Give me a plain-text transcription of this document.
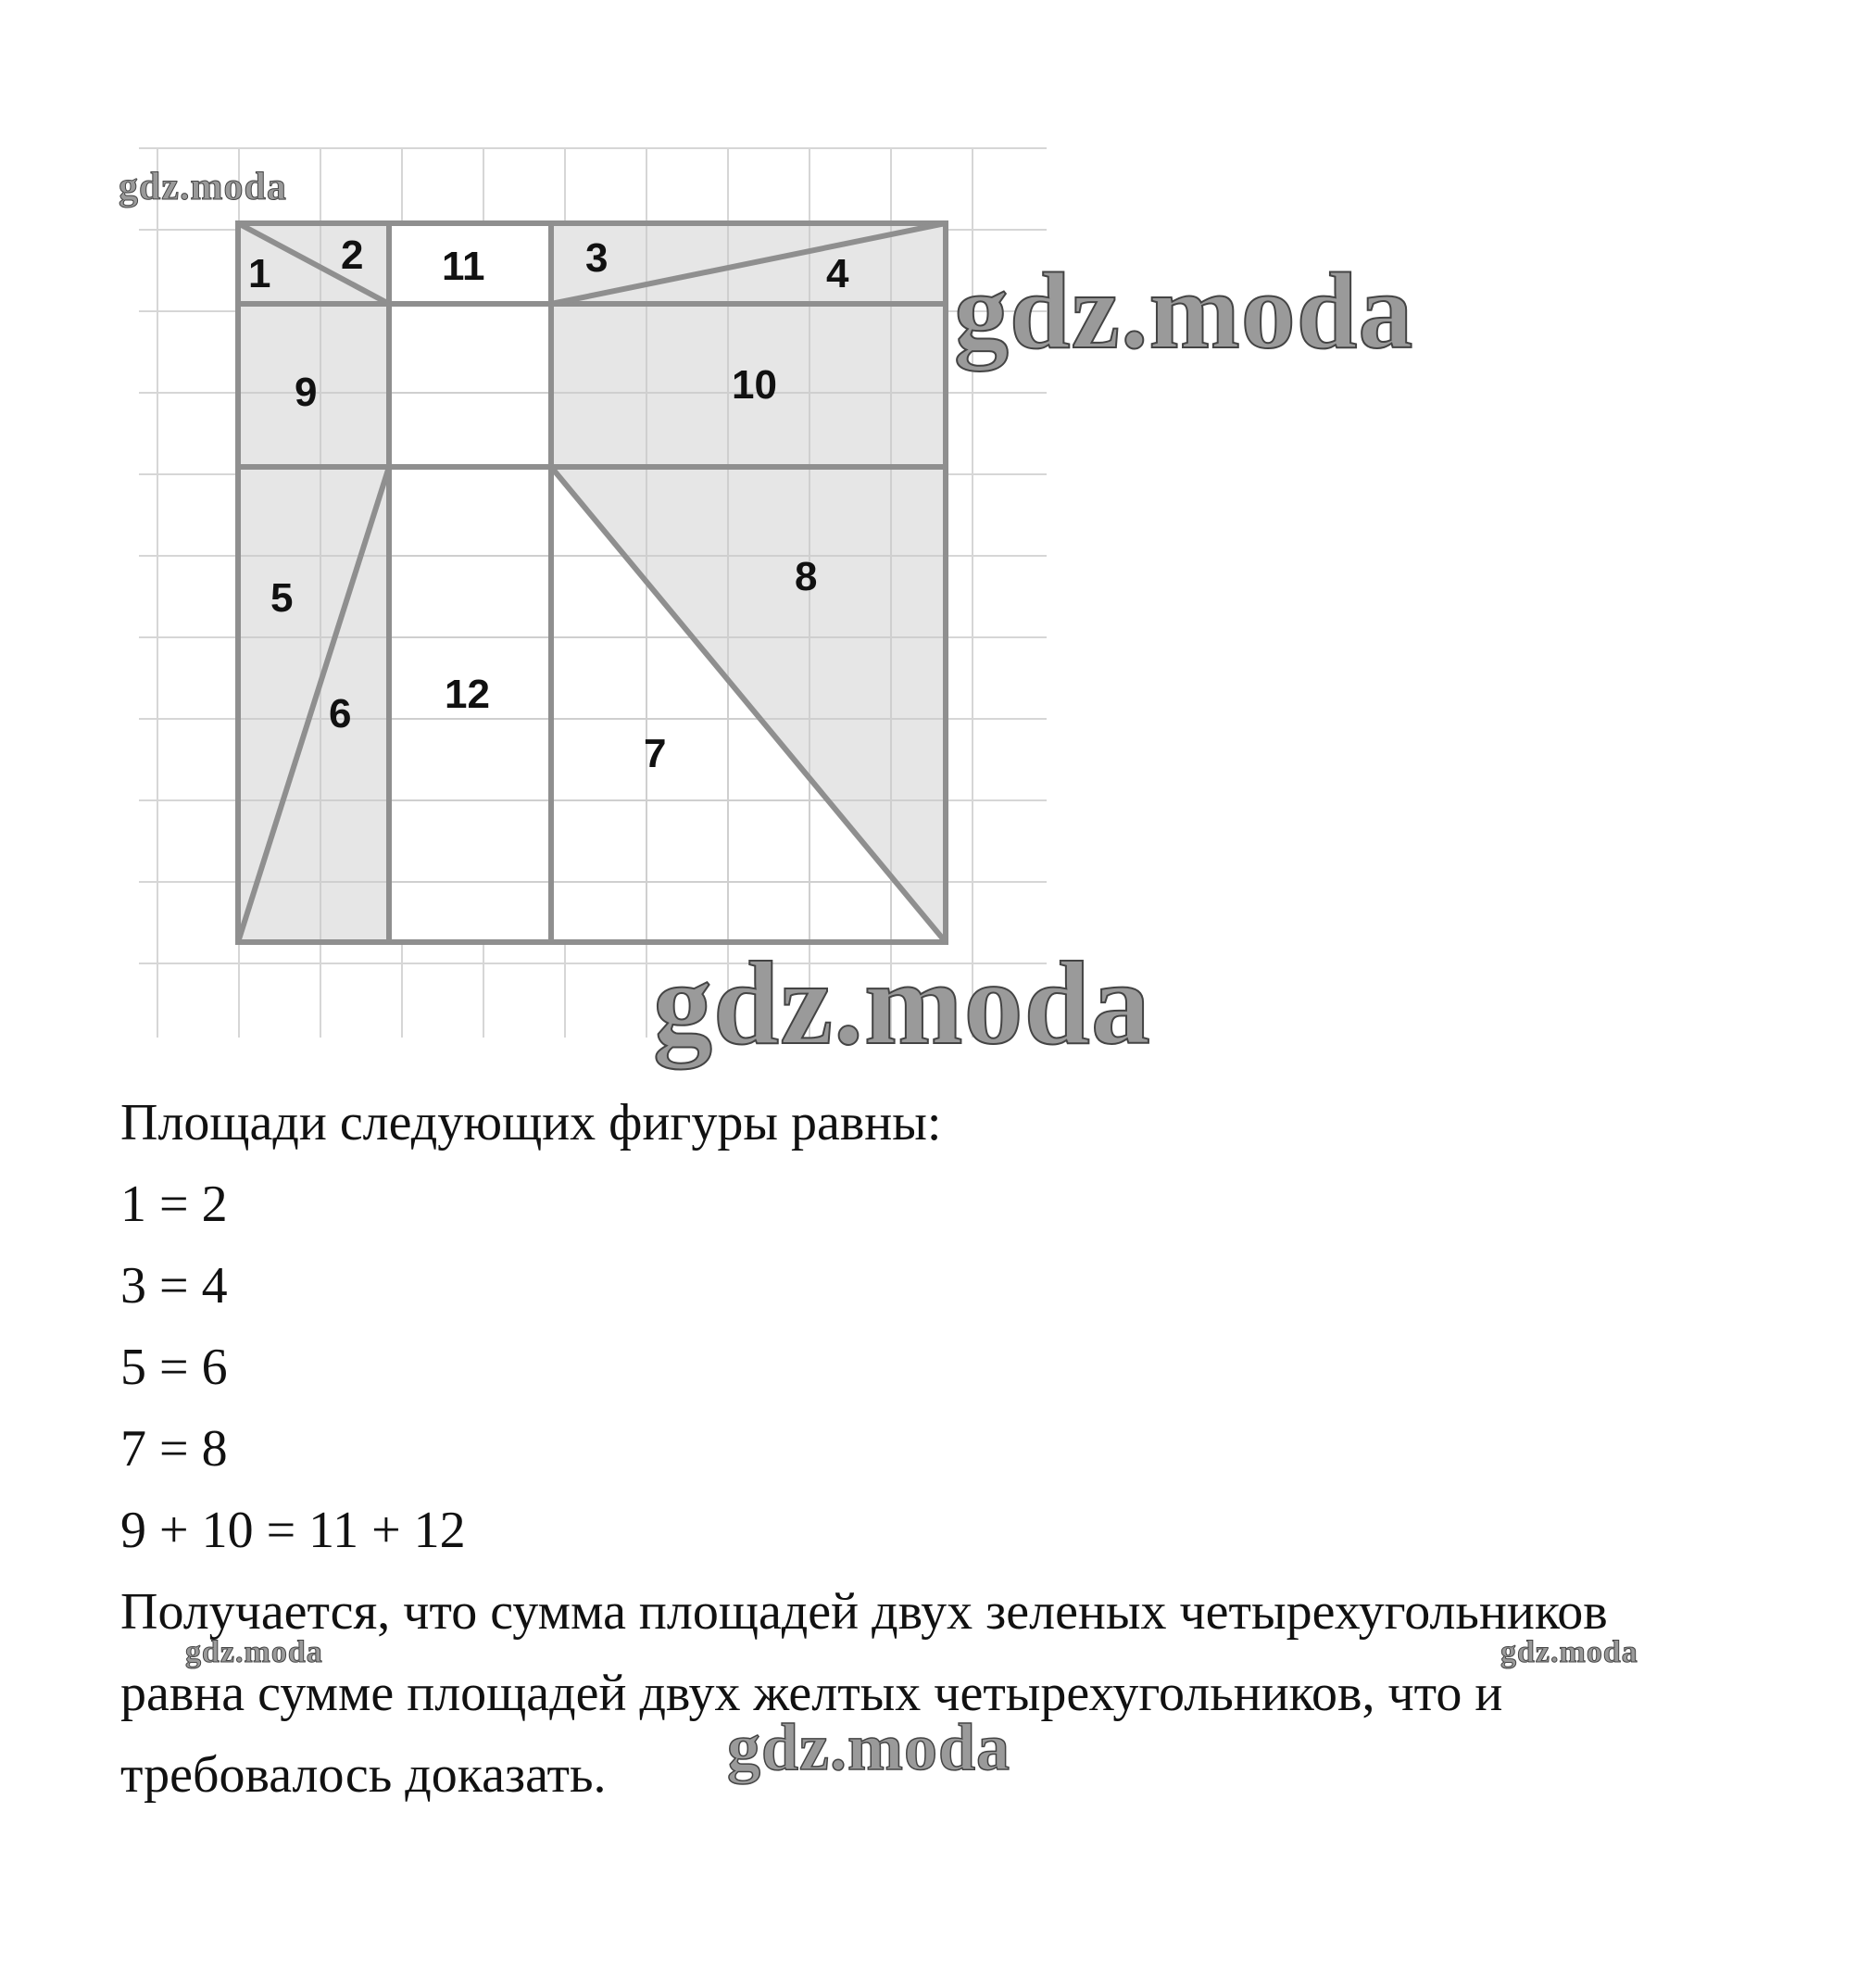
1 2 11 3	4
9	10
5	8
12
6
7
gdz.moda
gdz.moda
gdz.moda
gdz.moda	gdz.moda
gdz.moda
Площади следующих фигуры равны:
1 = 2
3 = 4
5 = 6
7 = 8
9 + 10 = 11 + 12
Получается, что сумма площадей двух зеленых четырехугольников
равна сумме площадей двух желтых четырехугольников, что и
требовалось доказать.
